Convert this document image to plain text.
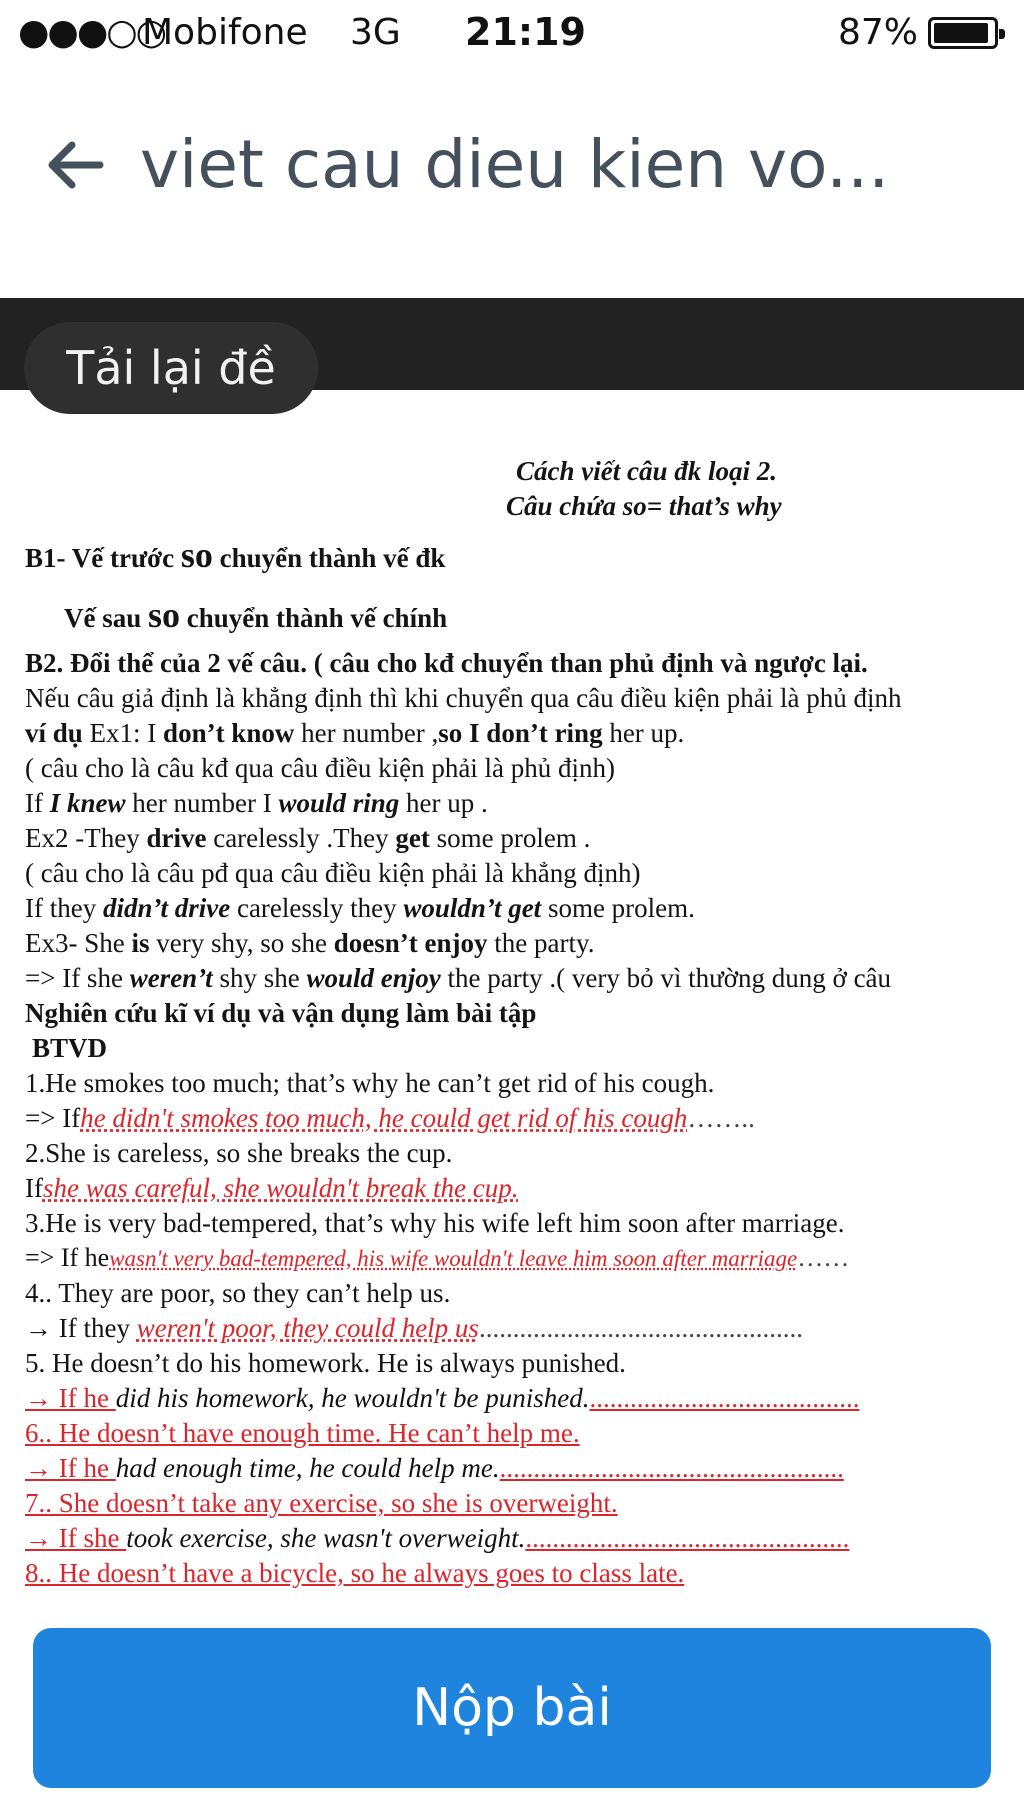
●●●○○
Mobifone 3G 21:19	87%
viet cau dieu kien vo...
Tải lại đề
Cách viết câu đk loại 2.
Câu chứa so= that’s why
B1- Vế trước so chuyển thành vế đk
Vế sau so chuyển thành vế chính
B2. Đổi thể của 2 vế câu. ( câu cho kđ chuyển than phủ định và ngược lại.
Nếu câu giả định là khẳng định thì khi chuyển qua câu điều kiện phải là phủ định
ví dụ Ex1: I don’t know her number ,so I don’t ring her up.
( câu cho là câu kđ qua câu điều kiện phải là phủ định)
If I knew her number I would ring her up .
Ex2 -They drive carelessly .They get some prolem .
( câu cho là câu pđ qua câu điều kiện phải là khẳng định)
If they didn’t drive carelessly they wouldn’t get some prolem.
Ex3- She is very shy, so she doesn’t enjoy the party.
=> If she weren’t shy she would enjoy the party .( very bỏ vì thường dung ở câu
Nghiên cứu kĩ ví dụ và vận dụng làm bài tập
BTVD
1.He smokes too much; that’s why he can’t get rid of his cough.
=> Ifhe didn't smokes too much, he could get rid of his cough……..
2.She is careless, so she breaks the cup.
Ifshe was careful, she wouldn't break the cup.
3.He is very bad-tempered, that’s why his wife left him soon after marriage.
=> If hewasn't very bad-tempered, his wife wouldn't leave him soon after marriage……
4.. They are poor, so they can’t help us.
→ If they weren't poor, they could help us................................................
5. He doesn’t do his homework. He is always punished.
→ If he did his homework, he wouldn't be punished.........................................
6.. He doesn’t have enough time. He can’t help me.
→ If he had enough time, he could help me....................................................
7.. She doesn’t take any exercise, so she is overweight.
→ If she took exercise, she wasn't overweight.................................................
8.. He doesn’t have a bicycle, so he always goes to class late.
Nộp bài
